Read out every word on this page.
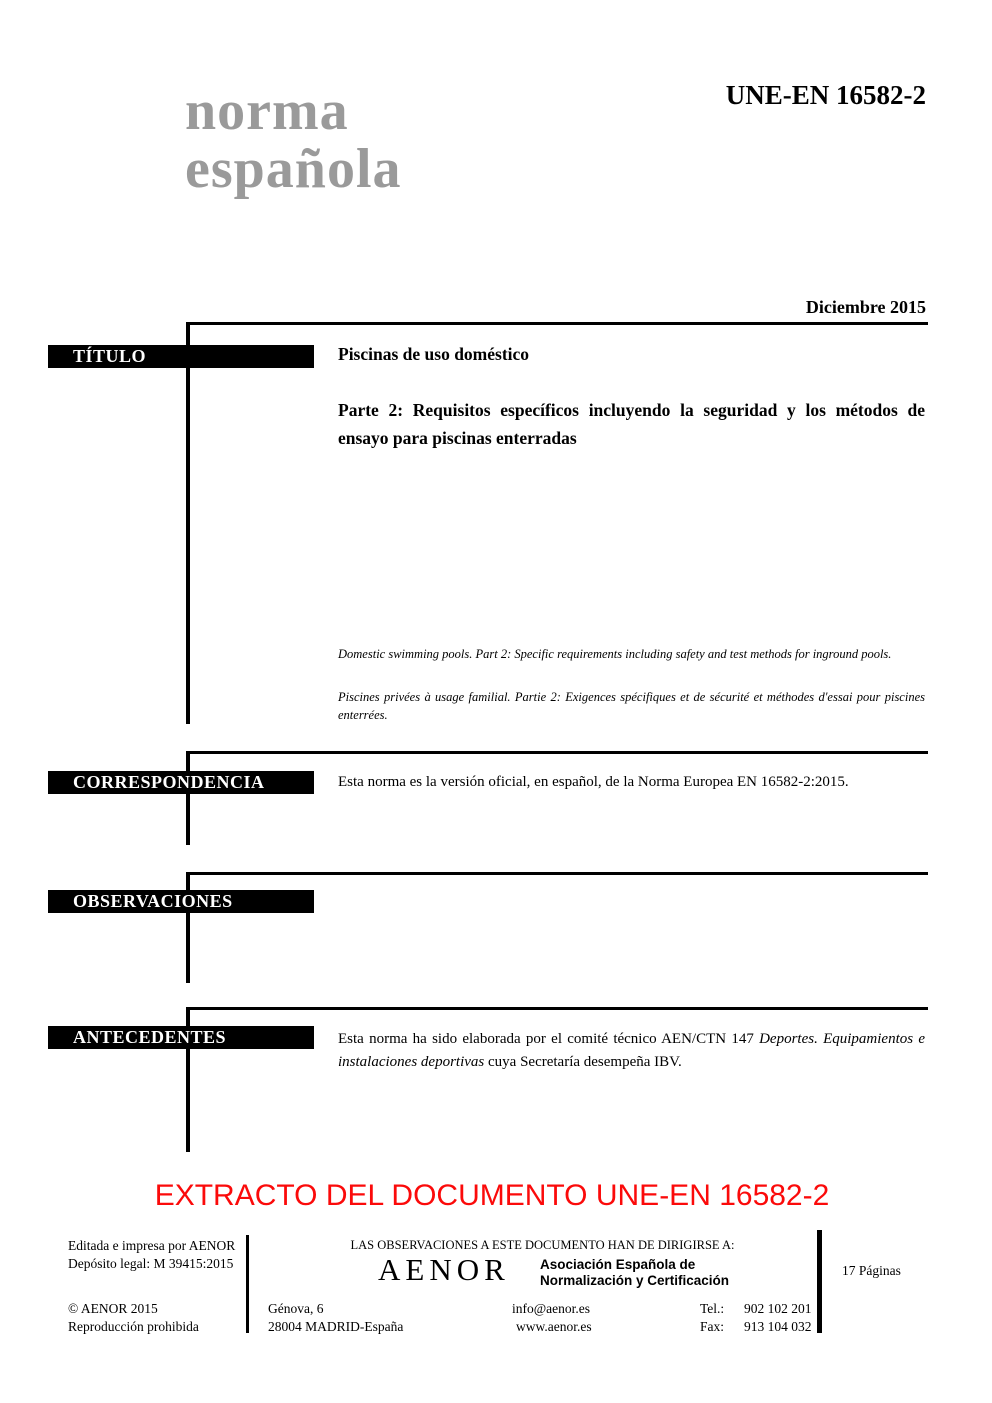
norma
española
UNE-EN 16582-2
Diciembre 2015
TÍTULO	Piscinas de uso doméstico
Parte 2: Requisitos específicos incluyendo la seguridad y los métodos de ensayo para piscinas enterradas
Domestic swimming pools. Part 2: Specific requirements including safety and test methods for inground pools.
Piscines privées à usage familial. Partie 2: Exigences spécifiques et de sécurité et méthodes d'essai pour piscines enterrées.
CORRESPONDENCIA	Esta norma es la versión oficial, en español, de la Norma Europea EN 16582-2:2015.
OBSERVACIONES
ANTECEDENTES	Esta norma ha sido elaborada por el comité técnico AEN/CTN 147 Deportes. Equipamientos e instalaciones deportivas cuya Secretaría desempeña IBV.
EXTRACTO DEL DOCUMENTO UNE-EN 16582-2
Editada e impresa por AENOR
Depósito legal: M 39415:2015
© AENOR 2015
Reproducción prohibida
LAS OBSERVACIONES A ESTE DOCUMENTO HAN DE DIRIGIRSE A:
AENOR Asociación Española de
Normalización y Certificación
Génova, 6
28004 MADRID-España
info@aenor.es
www.aenor.es
Tel.:	902 102 201
Fax:	913 104 032
17 Páginas
